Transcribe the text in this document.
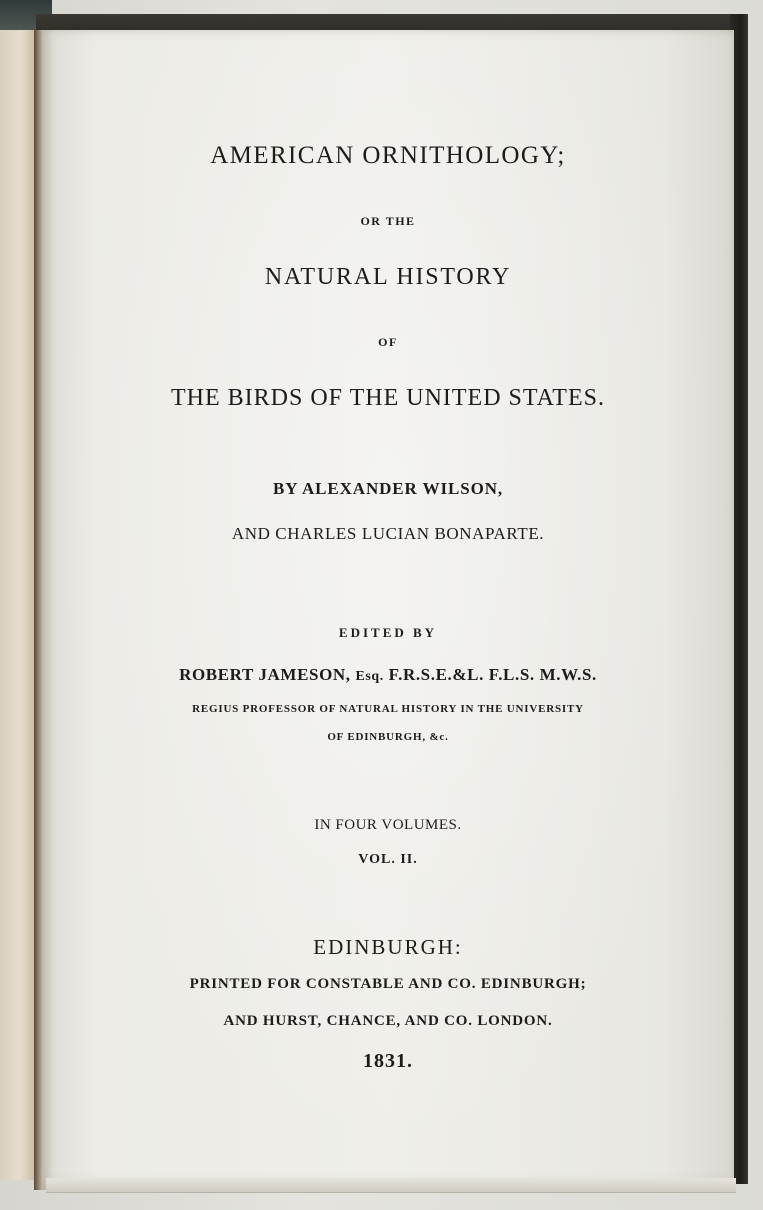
AMERICAN ORNITHOLOGY;

OR THE

NATURAL HISTORY

OF

THE BIRDS OF THE UNITED STATES.

BY ALEXANDER WILSON,

AND CHARLES LUCIAN BONAPARTE.

EDITED BY

ROBERT JAMESON, Esq. F.R.S.E.&L. F.L.S. M.W.S.

REGIUS PROFESSOR OF NATURAL HISTORY IN THE UNIVERSITY

OF EDINBURGH, &c.

IN FOUR VOLUMES.

VOL. II.

EDINBURGH:

PRINTED FOR CONSTABLE AND CO. EDINBURGH;

AND HURST, CHANCE, AND CO. LONDON.

1831.
